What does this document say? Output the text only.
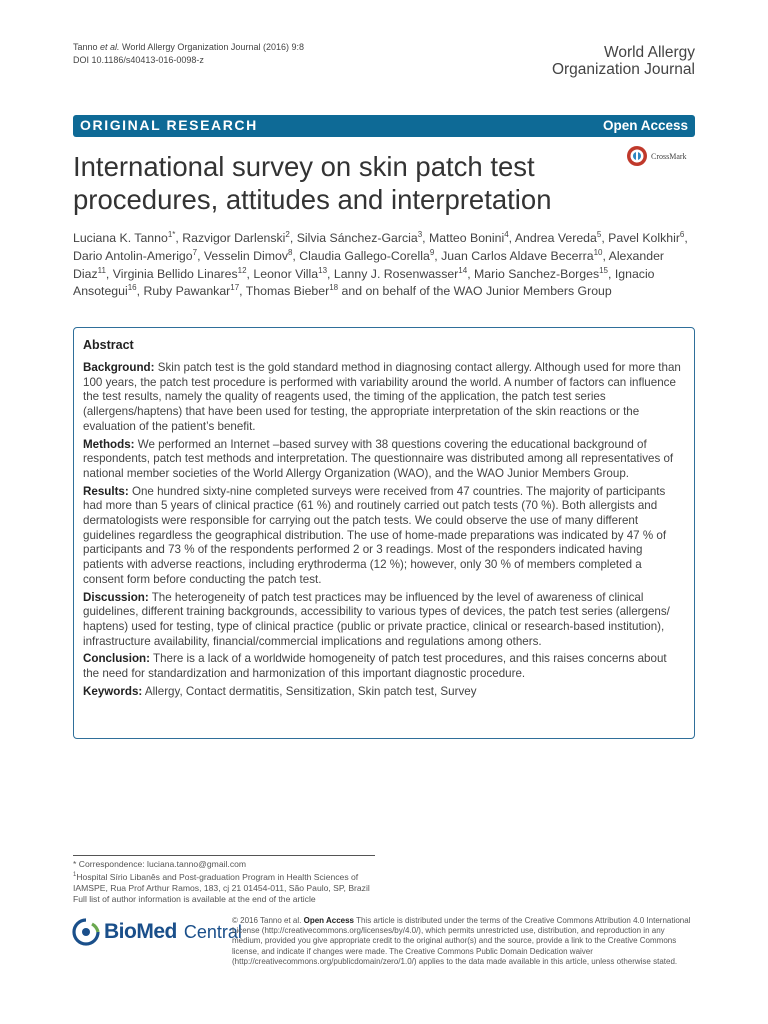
Tanno et al. World Allergy Organization Journal (2016) 9:8
DOI 10.1186/s40413-016-0098-z	World Allergy
Organization Journal
ORIGINAL RESEARCH	Open Access
International survey on skin patch test procedures, attitudes and interpretation
CrossMark
Luciana K. Tanno$^{1*}$, Razvigor Darlenski$^2$, Silvia Sánchez-Garcia$^3$, Matteo Bonini$^4$, Andrea Vereda$^5$, Pavel Kolkhir$^6$, Dario Antolin-Amerigo$^7$, Vesselin Dimov$^8$, Claudia Gallego-Corella$^9$, Juan Carlos Aldave Becerra$^{10}$, Alexander Diaz$^{11}$, Virginia Bellido Linares$^{12}$, Leonor Villa$^{13}$, Lanny J. Rosenwasser$^{14}$, Mario Sanchez-Borges$^{15}$, Ignacio Ansotegui$^{16}$, Ruby Pawankar$^{17}$, Thomas Bieber$^{18}$ and on behalf of the WAO Junior Members Group
Abstract

Background: Skin patch test is the gold standard method in diagnosing contact allergy. Although used for more than 100 years, the patch test procedure is performed with variability around the world. A number of factors can influence the test results, namely the quality of reagents used, the timing of the application, the patch test series (allergens/haptens) that have been used for testing, the appropriate interpretation of the skin reactions or the evaluation of the patient’s benefit.

Methods: We performed an Internet –based survey with 38 questions covering the educational background of respondents, patch test methods and interpretation. The questionnaire was distributed among all representatives of national member societies of the World Allergy Organization (WAO), and the WAO Junior Members Group.

Results: One hundred sixty-nine completed surveys were received from 47 countries. The majority of participants had more than 5 years of clinical practice (61 %) and routinely carried out patch tests (70 %). Both allergists and dermatologists were responsible for carrying out the patch tests. We could observe the use of many different guidelines regardless the geographical distribution. The use of home-made preparations was indicated by 47 % of participants and 73 % of the respondents performed 2 or 3 readings. Most of the responders indicated having patients with adverse reactions, including erythroderma (12 %); however, only 30 % of members completed a consent form before conducting the patch test.

Discussion: The heterogeneity of patch test practices may be influenced by the level of awareness of clinical guidelines, different training backgrounds, accessibility to various types of devices, the patch test series (allergens/ haptens) used for testing, type of clinical practice (public or private practice, clinical or research-based institution), infrastructure availability, financial/commercial implications and regulations among others.

Conclusion: There is a lack of a worldwide homogeneity of patch test procedures, and this raises concerns about the need for standardization and harmonization of this important diagnostic procedure.

Keywords: Allergy, Contact dermatitis, Sensitization, Skin patch test, Survey

* Correspondence: luciana.tanno@gmail.com
$^1$Hospital Sírio Libanês and Post-graduation Program in Health Sciences of IAMSPE, Rua Prof Arthur Ramos, 183, cj 21 01454-011, São Paulo, SP, Brazil
Full list of author information is available at the end of the article
BioMed Central
© 2016 Tanno et al. Open Access This article is distributed under the terms of the Creative Commons Attribution 4.0 International License (http://creativecommons.org/licenses/by/4.0/), which permits unrestricted use, distribution, and reproduction in any medium, provided you give appropriate credit to the original author(s) and the source, provide a link to the Creative Commons license, and indicate if changes were made. The Creative Commons Public Domain Dedication waiver (http://creativecommons.org/publicdomain/zero/1.0/) applies to the data made available in this article, unless otherwise stated.
